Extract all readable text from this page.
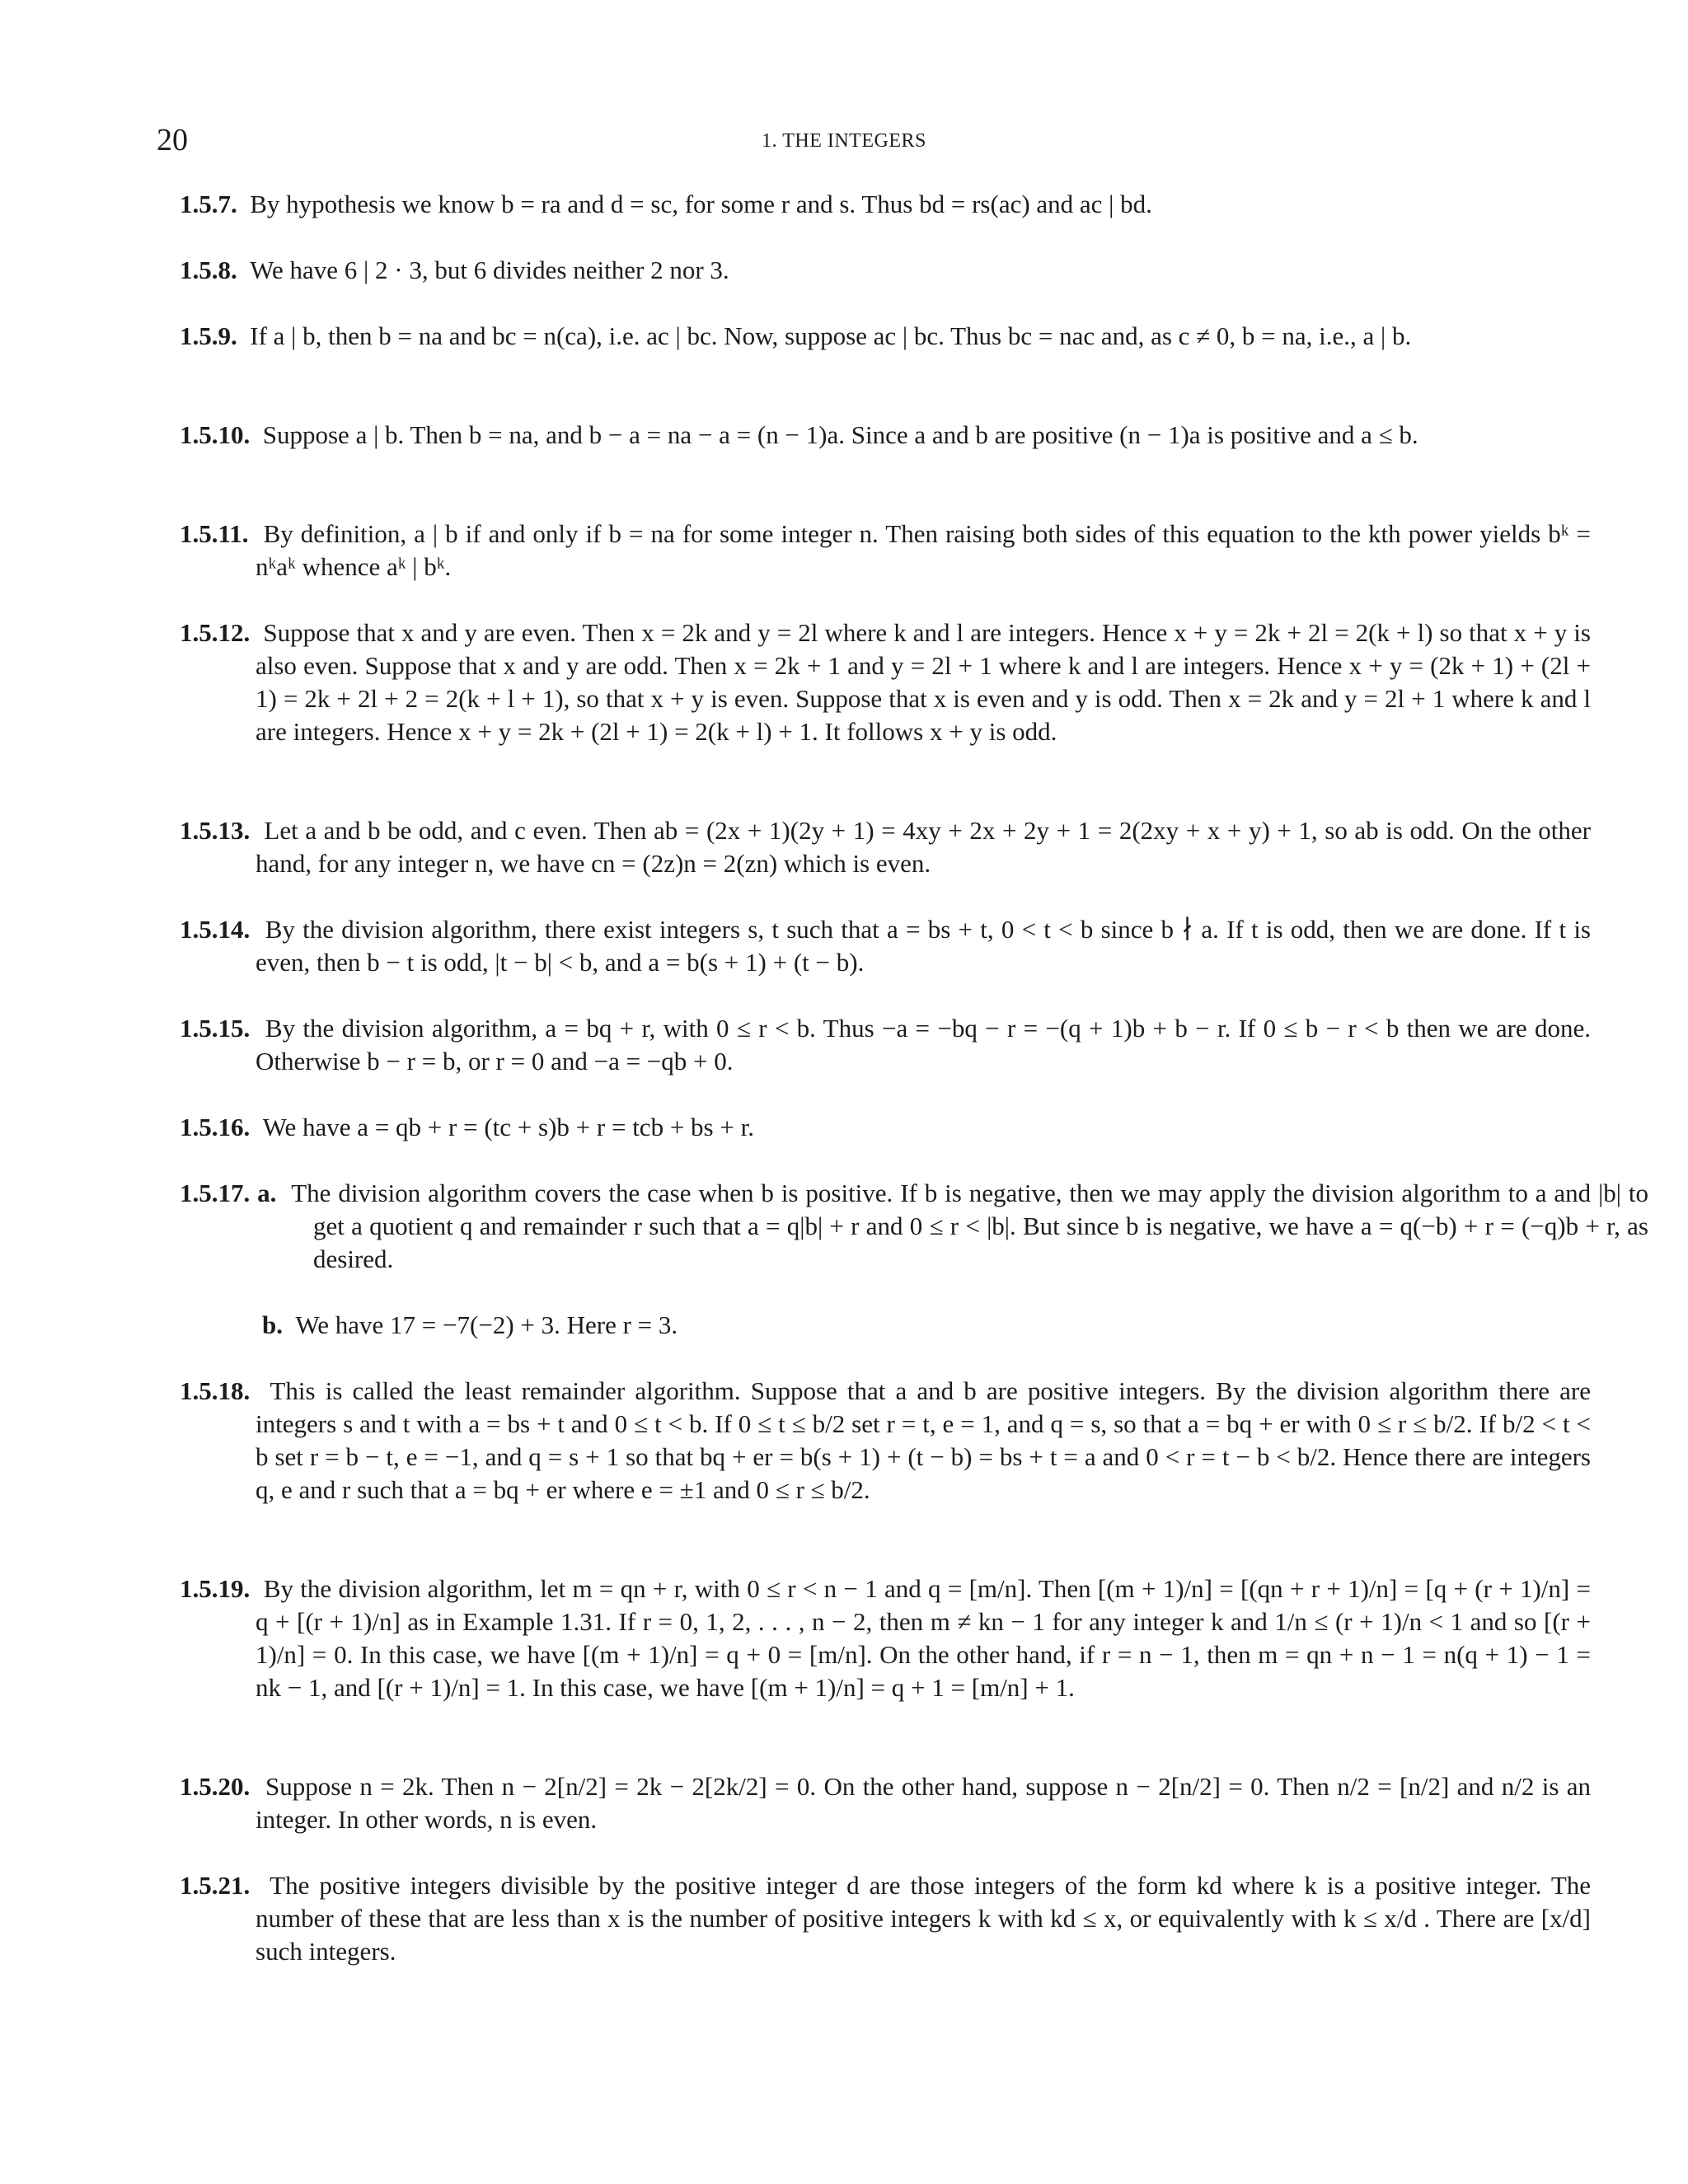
20	1. THE INTEGERS

1.5.7. By hypothesis we know b = ra and d = sc, for some r and s. Thus bd = rs(ac) and ac | bd.

1.5.8. We have 6 | 2 · 3, but 6 divides neither 2 nor 3.

1.5.9. If a | b, then b = na and bc = n(ca), i.e. ac | bc. Now, suppose ac | bc. Thus bc = nac and, as c ≠ 0, b = na, i.e., a | b.

1.5.10. Suppose a | b. Then b = na, and b − a = na − a = (n − 1)a. Since a and b are positive (n − 1)a is positive and a ≤ b.

1.5.11. By definition, a | b if and only if b = na for some integer n. Then raising both sides of this equation to the kth power yields bᵏ = nᵏaᵏ whence aᵏ | bᵏ.

1.5.12. Suppose that x and y are even. Then x = 2k and y = 2l where k and l are integers. Hence x + y = 2k + 2l = 2(k + l) so that x + y is also even. Suppose that x and y are odd. Then x = 2k + 1 and y = 2l + 1 where k and l are integers. Hence x + y = (2k + 1) + (2l + 1) = 2k + 2l + 2 = 2(k + l + 1), so that x + y is even. Suppose that x is even and y is odd. Then x = 2k and y = 2l + 1 where k and l are integers. Hence x + y = 2k + (2l + 1) = 2(k + l) + 1. It follows x + y is odd.

1.5.13. Let a and b be odd, and c even. Then ab = (2x + 1)(2y + 1) = 4xy + 2x + 2y + 1 = 2(2xy + x + y) + 1, so ab is odd. On the other hand, for any integer n, we have cn = (2z)n = 2(zn) which is even.

1.5.14. By the division algorithm, there exist integers s, t such that a = bs + t, 0 < t < b since b ∤ a. If t is odd, then we are done. If t is even, then b − t is odd, |t − b| < b, and a = b(s + 1) + (t − b).

1.5.15. By the division algorithm, a = bq + r, with 0 ≤ r < b. Thus −a = −bq − r = −(q + 1)b + b − r. If 0 ≤ b − r < b then we are done. Otherwise b − r = b, or r = 0 and −a = −qb + 0.

1.5.16. We have a = qb + r = (tc + s)b + r = tcb + bs + r.

1.5.17. a. The division algorithm covers the case when b is positive. If b is negative, then we may apply the division algorithm to a and |b| to get a quotient q and remainder r such that a = q|b| + r and 0 ≤ r < |b|. But since b is negative, we have a = q(−b) + r = (−q)b + r, as desired.

b. We have 17 = −7(−2) + 3. Here r = 3.

1.5.18. This is called the least remainder algorithm. Suppose that a and b are positive integers. By the division algorithm there are integers s and t with a = bs + t and 0 ≤ t < b. If 0 ≤ t ≤ b/2 set r = t, e = 1, and q = s, so that a = bq + er with 0 ≤ r ≤ b/2. If b/2 < t < b set r = b − t, e = −1, and q = s + 1 so that bq + er = b(s + 1) + (t − b) = bs + t = a and 0 < r = t − b < b/2. Hence there are integers q, e and r such that a = bq + er where e = ±1 and 0 ≤ r ≤ b/2.

1.5.19. By the division algorithm, let m = qn + r, with 0 ≤ r < n − 1 and q = [m/n]. Then [(m + 1)/n] = [(qn + r + 1)/n] = [q + (r + 1)/n] = q + [(r + 1)/n] as in Example 1.31. If r = 0, 1, 2, . . . , n − 2, then m ≠ kn − 1 for any integer k and 1/n ≤ (r + 1)/n < 1 and so [(r + 1)/n] = 0. In this case, we have [(m + 1)/n] = q + 0 = [m/n]. On the other hand, if r = n − 1, then m = qn + n − 1 = n(q + 1) − 1 = nk − 1, and [(r + 1)/n] = 1. In this case, we have [(m + 1)/n] = q + 1 = [m/n] + 1.

1.5.20. Suppose n = 2k. Then n − 2[n/2] = 2k − 2[2k/2] = 0. On the other hand, suppose n − 2[n/2] = 0. Then n/2 = [n/2] and n/2 is an integer. In other words, n is even.

1.5.21. The positive integers divisible by the positive integer d are those integers of the form kd where k is a positive integer. The number of these that are less than x is the number of positive integers k with kd ≤ x, or equivalently with k ≤ x/d . There are [x/d] such integers.
